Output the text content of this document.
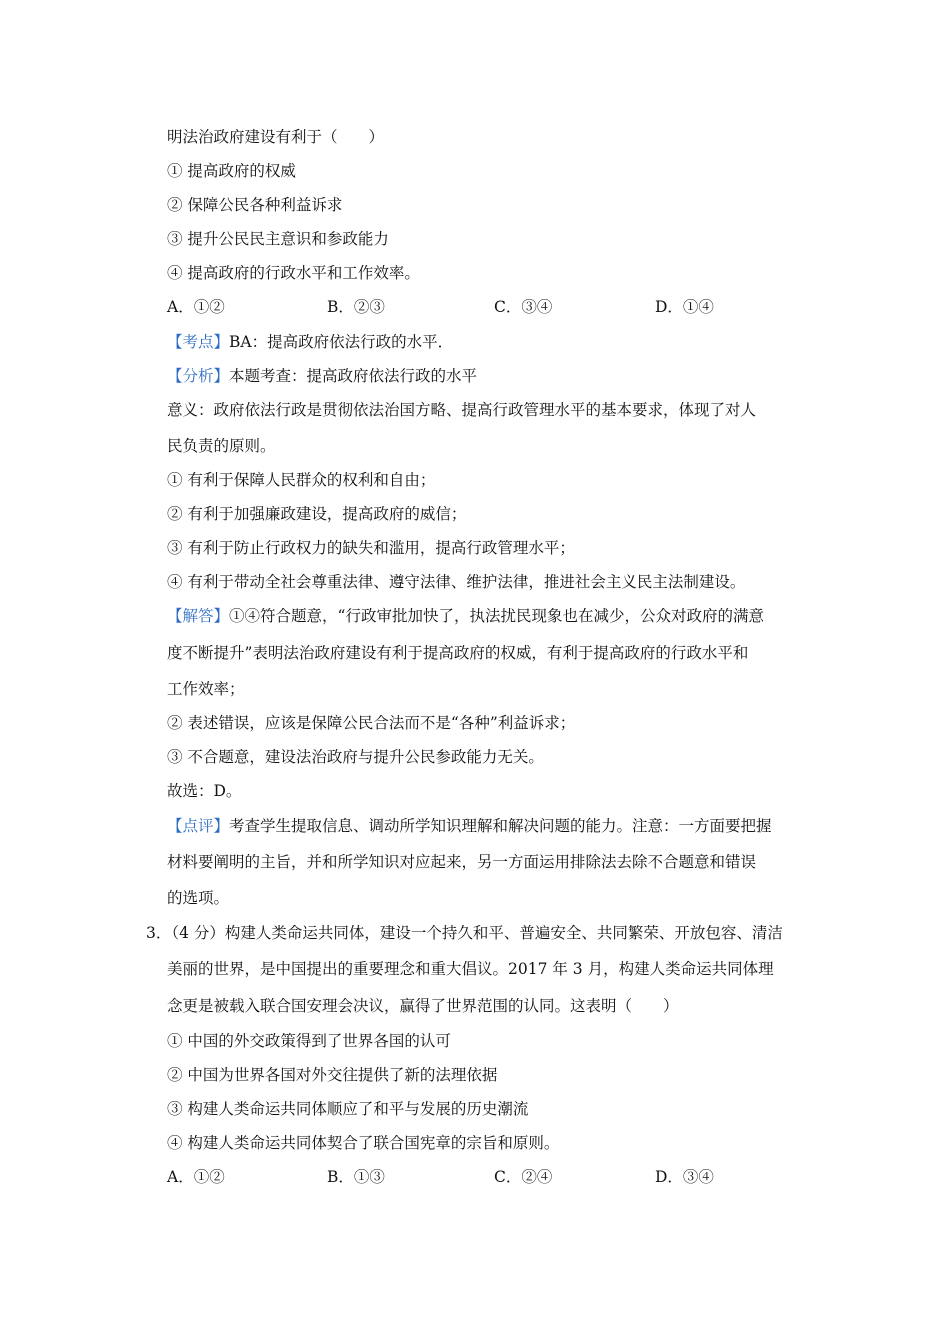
明法治政府建设有利于（　　）
① 提高政府的权威
② 保障公民各种利益诉求
③ 提升公民民主意识和参政能力
④ 提高政府的行政水平和工作效率。
A．①②	B．②③	C．③④	D．①④
【考点】BA：提高政府依法行政的水平．
【分析】本题考查：提高政府依法行政的水平
意义：政府依法行政是贯彻依法治国方略、提高行政管理水平的基本要求，体现了对人
民负责的原则。
① 有利于保障人民群众的权利和自由；
② 有利于加强廉政建设，提高政府的威信；
③ 有利于防止行政权力的缺失和滥用，提高行政管理水平；
④ 有利于带动全社会尊重法律、遵守法律、维护法律，推进社会主义民主法制建设。
【解答】①④符合题意，“行政审批加快了，执法扰民现象也在减少，公众对政府的满意
度不断提升”表明法治政府建设有利于提高政府的权威，有利于提高政府的行政水平和
工作效率；
② 表述错误，应该是保障公民合法而不是“各种”利益诉求；
③ 不合题意，建设法治政府与提升公民参政能力无关。
故选：D。
【点评】考查学生提取信息、调动所学知识理解和解决问题的能力。注意：一方面要把握
材料要阐明的主旨，并和所学知识对应起来，另一方面运用排除法去除不合题意和错误
的选项。
3．（4 分）构建人类命运共同体，建设一个持久和平、普遍安全、共同繁荣、开放包容、清洁
美丽的世界，是中国提出的重要理念和重大倡议。2017 年 3 月，构建人类命运共同体理
念更是被载入联合国安理会决议，赢得了世界范围的认同。这表明（　　）
① 中国的外交政策得到了世界各国的认可
② 中国为世界各国对外交往提供了新的法理依据
③ 构建人类命运共同体顺应了和平与发展的历史潮流
④ 构建人类命运共同体契合了联合国宪章的宗旨和原则。
A．①②	B．①③	C．②④	D．③④
